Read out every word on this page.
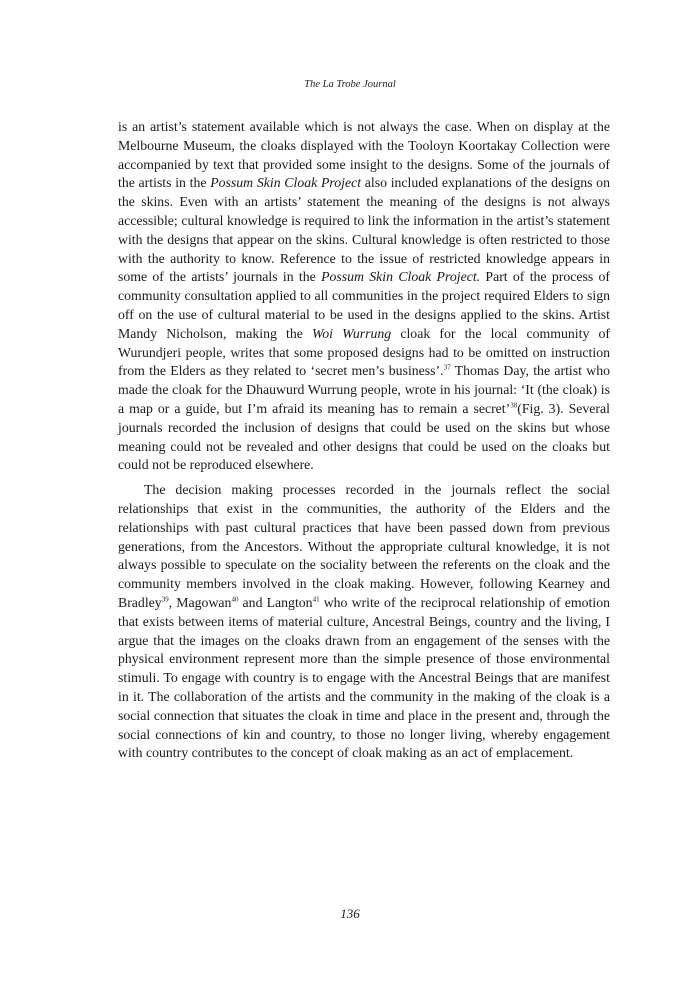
The La Trobe Journal

is an artist’s statement available which is not always the case. When on display at the Melbourne Museum, the cloaks displayed with the Tooloyn Koortakay Collection were accompanied by text that provided some insight to the designs. Some of the journals of the artists in the Possum Skin Cloak Project also included explanations of the designs on the skins. Even with an artists’ statement the meaning of the designs is not always accessible; cultural knowledge is required to link the information in the artist’s statement with the designs that appear on the skins. Cultural knowledge is often restricted to those with the authority to know. Reference to the issue of restricted knowledge appears in some of the artists’ journals in the Possum Skin Cloak Project. Part of the process of community consultation applied to all communities in the project required Elders to sign off on the use of cultural material to be used in the designs applied to the skins. Artist Mandy Nicholson, making the Woi Wurrung cloak for the local community of Wurundjeri people, writes that some proposed designs had to be omitted on instruction from the Elders as they related to ‘secret men’s business’.$^{37}$ Thomas Day, the artist who made the cloak for the Dhauwurd Wurrung people, wrote in his journal: ‘It (the cloak) is a map or a guide, but I’m afraid its meaning has to remain a secret’$^{38}$(Fig. 3). Several journals recorded the inclusion of designs that could be used on the skins but whose meaning could not be revealed and other designs that could be used on the cloaks but could not be reproduced elsewhere.

The decision making processes recorded in the journals reflect the social relationships that exist in the communities, the authority of the Elders and the relationships with past cultural practices that have been passed down from previous generations, from the Ancestors. Without the appropriate cultural knowledge, it is not always possible to speculate on the sociality between the referents on the cloak and the community members involved in the cloak making. However, following Kearney and Bradley$^{39}$, Magowan$^{40}$ and Langton$^{41}$ who write of the reciprocal relationship of emotion that exists between items of material culture, Ancestral Beings, country and the living, I argue that the images on the cloaks drawn from an engagement of the senses with the physical environment represent more than the simple presence of those environmental stimuli. To engage with country is to engage with the Ancestral Beings that are manifest in it. The collaboration of the artists and the community in the making of the cloak is a social connection that situates the cloak in time and place in the present and, through the social connections of kin and country, to those no longer living, whereby engagement with country contributes to the concept of cloak making as an act of emplacement.

136
